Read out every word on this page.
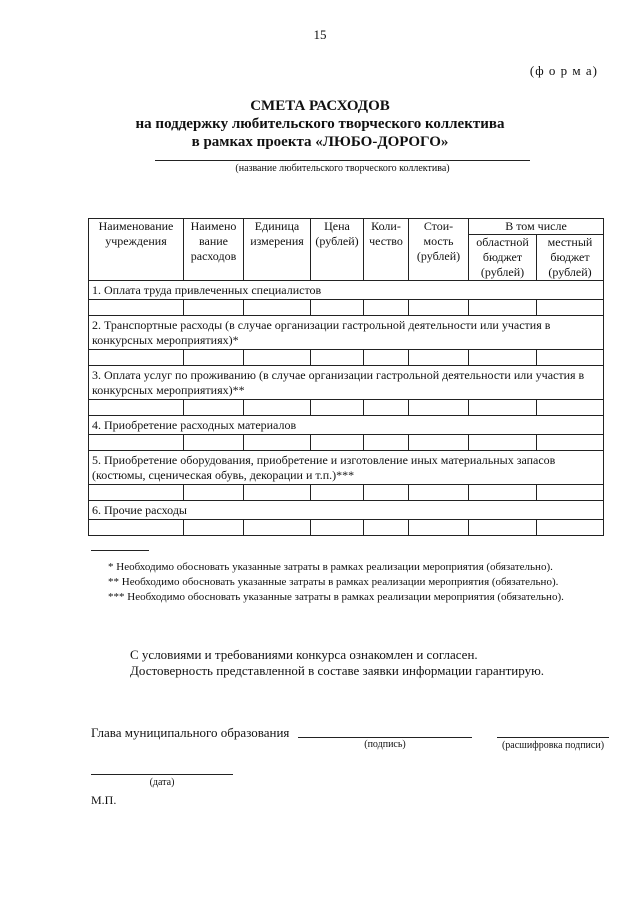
15
(ф о р м а)
СМЕТА РАСХОДОВ
на поддержку любительского творческого коллектива
в рамках проекта «ЛЮБО-ДОРОГО»
(название любительского творческого коллектива)
Наименование учреждения	Наимено вание расходов	Единица измерения	Цена (рублей)	Коли-чество	Стои-мость (рублей)	В том числе	
						областной бюджет (рублей)	местный бюджет (рублей)
1. Оплата труда привлеченных специалистов							

2. Транспортные расходы (в случае организации гастрольной деятельности или участия в конкурсных мероприятиях)*							

3. Оплата услуг по проживанию (в случае организации гастрольной деятельности или участия в конкурсных мероприятиях)**							

4. Приобретение расходных материалов							

5. Приобретение оборудования, приобретение и изготовление иных материальных запасов (костюмы, сценическая обувь, декорации и т.п.)***							

6. Прочие расходы							

* Необходимо обосновать указанные затраты в рамках реализации мероприятия (обязательно).
** Необходимо обосновать указанные затраты в рамках реализации мероприятия (обязательно).
*** Необходимо обосновать указанные затраты в рамках реализации мероприятия (обязательно).
С условиями и требованиями конкурса ознакомлен и согласен.
Достоверность представленной в составе заявки информации гарантирую.
Глава муниципального образования
(подпись)	(расшифровка подписи)
(дата)
М.П.
